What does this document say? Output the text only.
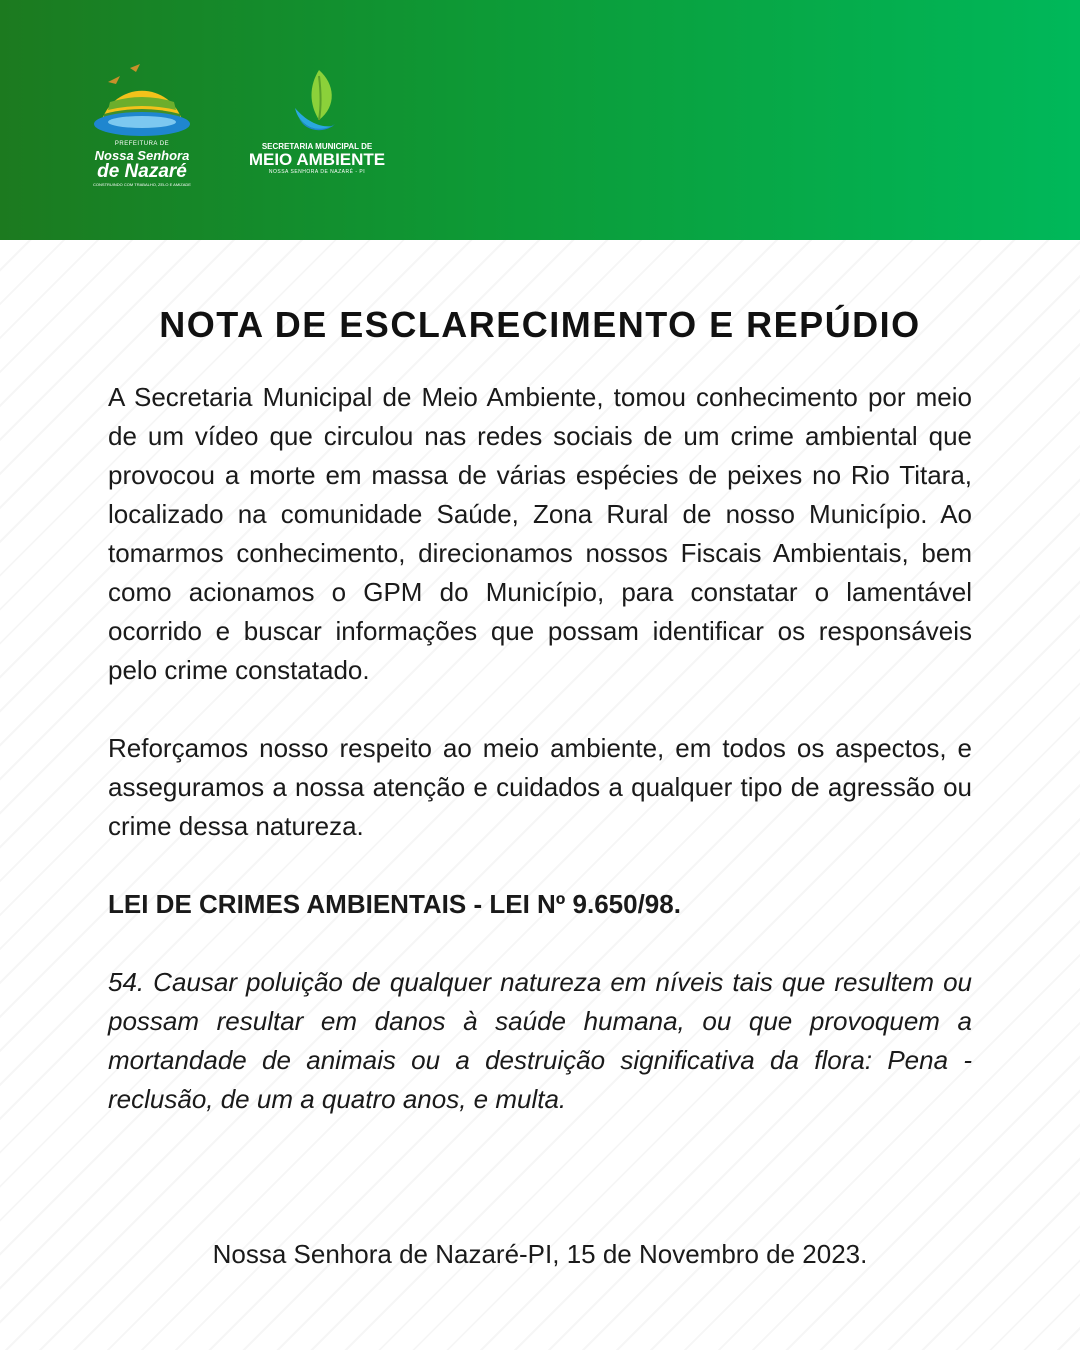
PREFEITURA DE
Nossa Senhora
de Nazaré
CONSTRUINDO COM TRABALHO, ZELO E AMIZADE
SECRETARIA MUNICIPAL DE
MEIO AMBIENTE
NOSSA SENHORA DE NAZARÉ - PI
NOTA DE ESCLARECIMENTO E REPÚDIO

A Secretaria Municipal de Meio Ambiente, tomou conhecimento por meio de um vídeo que circulou nas redes sociais de um crime ambiental que provocou a morte em massa de várias espécies de peixes no Rio Titara, localizado na comunidade Saúde, Zona Rural de nosso Município. Ao tomarmos conhecimento, direcionamos nossos Fiscais Ambientais, bem como acionamos o GPM do Município, para constatar o lamentável ocorrido e buscar informações que possam identificar os responsáveis pelo crime constatado.

Reforçamos nosso respeito ao meio ambiente, em todos os aspectos, e asseguramos a nossa atenção e cuidados a qualquer tipo de agressão ou crime dessa natureza.

LEI DE CRIMES AMBIENTAIS - LEI Nº 9.650/98.

54. Causar poluição de qualquer natureza em níveis tais que resultem ou possam resultar em danos à saúde humana, ou que provoquem a mortandade de animais ou a destruição significativa da flora: Pena - reclusão, de um a quatro anos, e multa.

Nossa Senhora de Nazaré-PI, 15 de Novembro de 2023.
